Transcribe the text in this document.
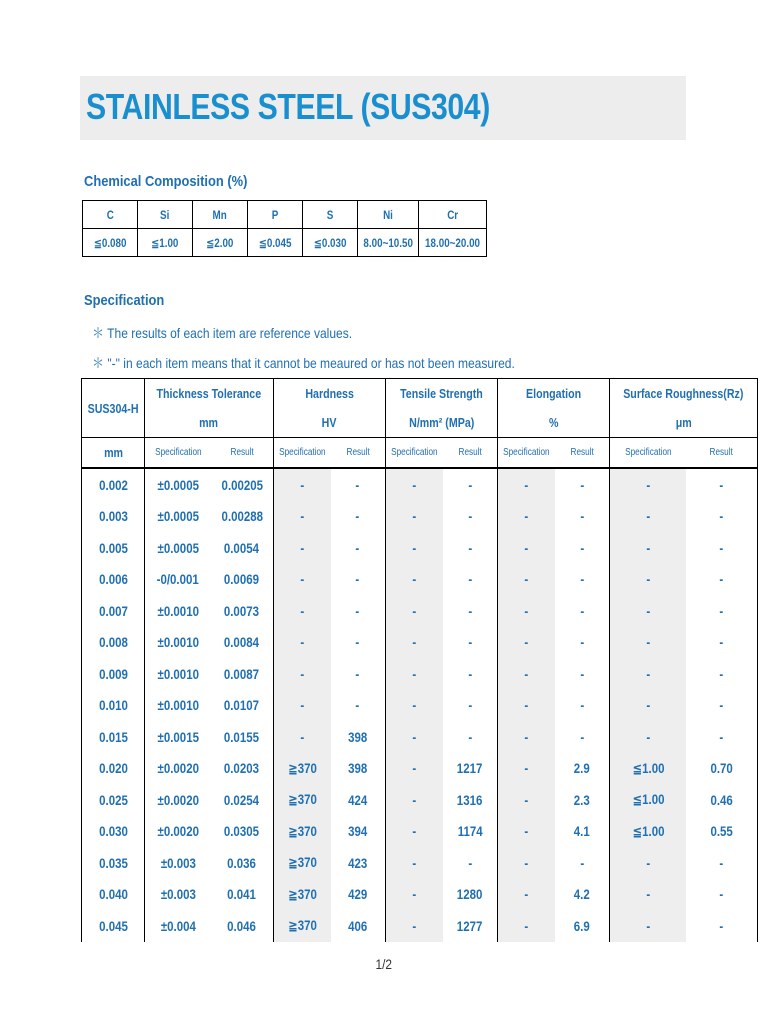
STAINLESS STEEL (SUS304)
Chemical Composition (%)
C	Si	Mn	P	S	Ni	Cr
≦0.080	≦1.00	≦2.00	≦0.045	≦0.030	8.00~10.50	18.00~20.00
Specification
＊ The results of each item are reference values.
＊ "-" in each item means that it cannot be meaured or has not been measured.
SUS304-H	Thickness Tolerance		Hardness		Tensile Strength		Elongation		Surface Roughness(Rz)	
	mm		HV		N/mm² (MPa)		%		μm	
mm	Specification	Result	Specification	Result	Specification	Result	Specification	Result	Specification	Result
0.002	±0.0005	0.00205	-	-	-	-	-	-	-	-
0.003	±0.0005	0.00288	-	-	-	-	-	-	-	-
0.005	±0.0005	0.0054	-	-	-	-	-	-	-	-
0.006	-0/0.001	0.0069	-	-	-	-	-	-	-	-
0.007	±0.0010	0.0073	-	-	-	-	-	-	-	-
0.008	±0.0010	0.0084	-	-	-	-	-	-	-	-
0.009	±0.0010	0.0087	-	-	-	-	-	-	-	-
0.010	±0.0010	0.0107	-	-	-	-	-	-	-	-
0.015	±0.0015	0.0155	-	398	-	-	-	-	-	-
0.020	±0.0020	0.0203	≧370	398	-	1217	-	2.9	≦1.00	0.70
0.025	±0.0020	0.0254	≧370	424	-	1316	-	2.3	≦1.00	0.46
0.030	±0.0020	0.0305	≧370	394	-	1174	-	4.1	≦1.00	0.55
0.035	±0.003	0.036	≧370	423	-	-	-	-	-	-
0.040	±0.003	0.041	≧370	429	-	1280	-	4.2	-	-
0.045	±0.004	0.046	≧370	406	-	1277	-	6.9	-	-
1/2
